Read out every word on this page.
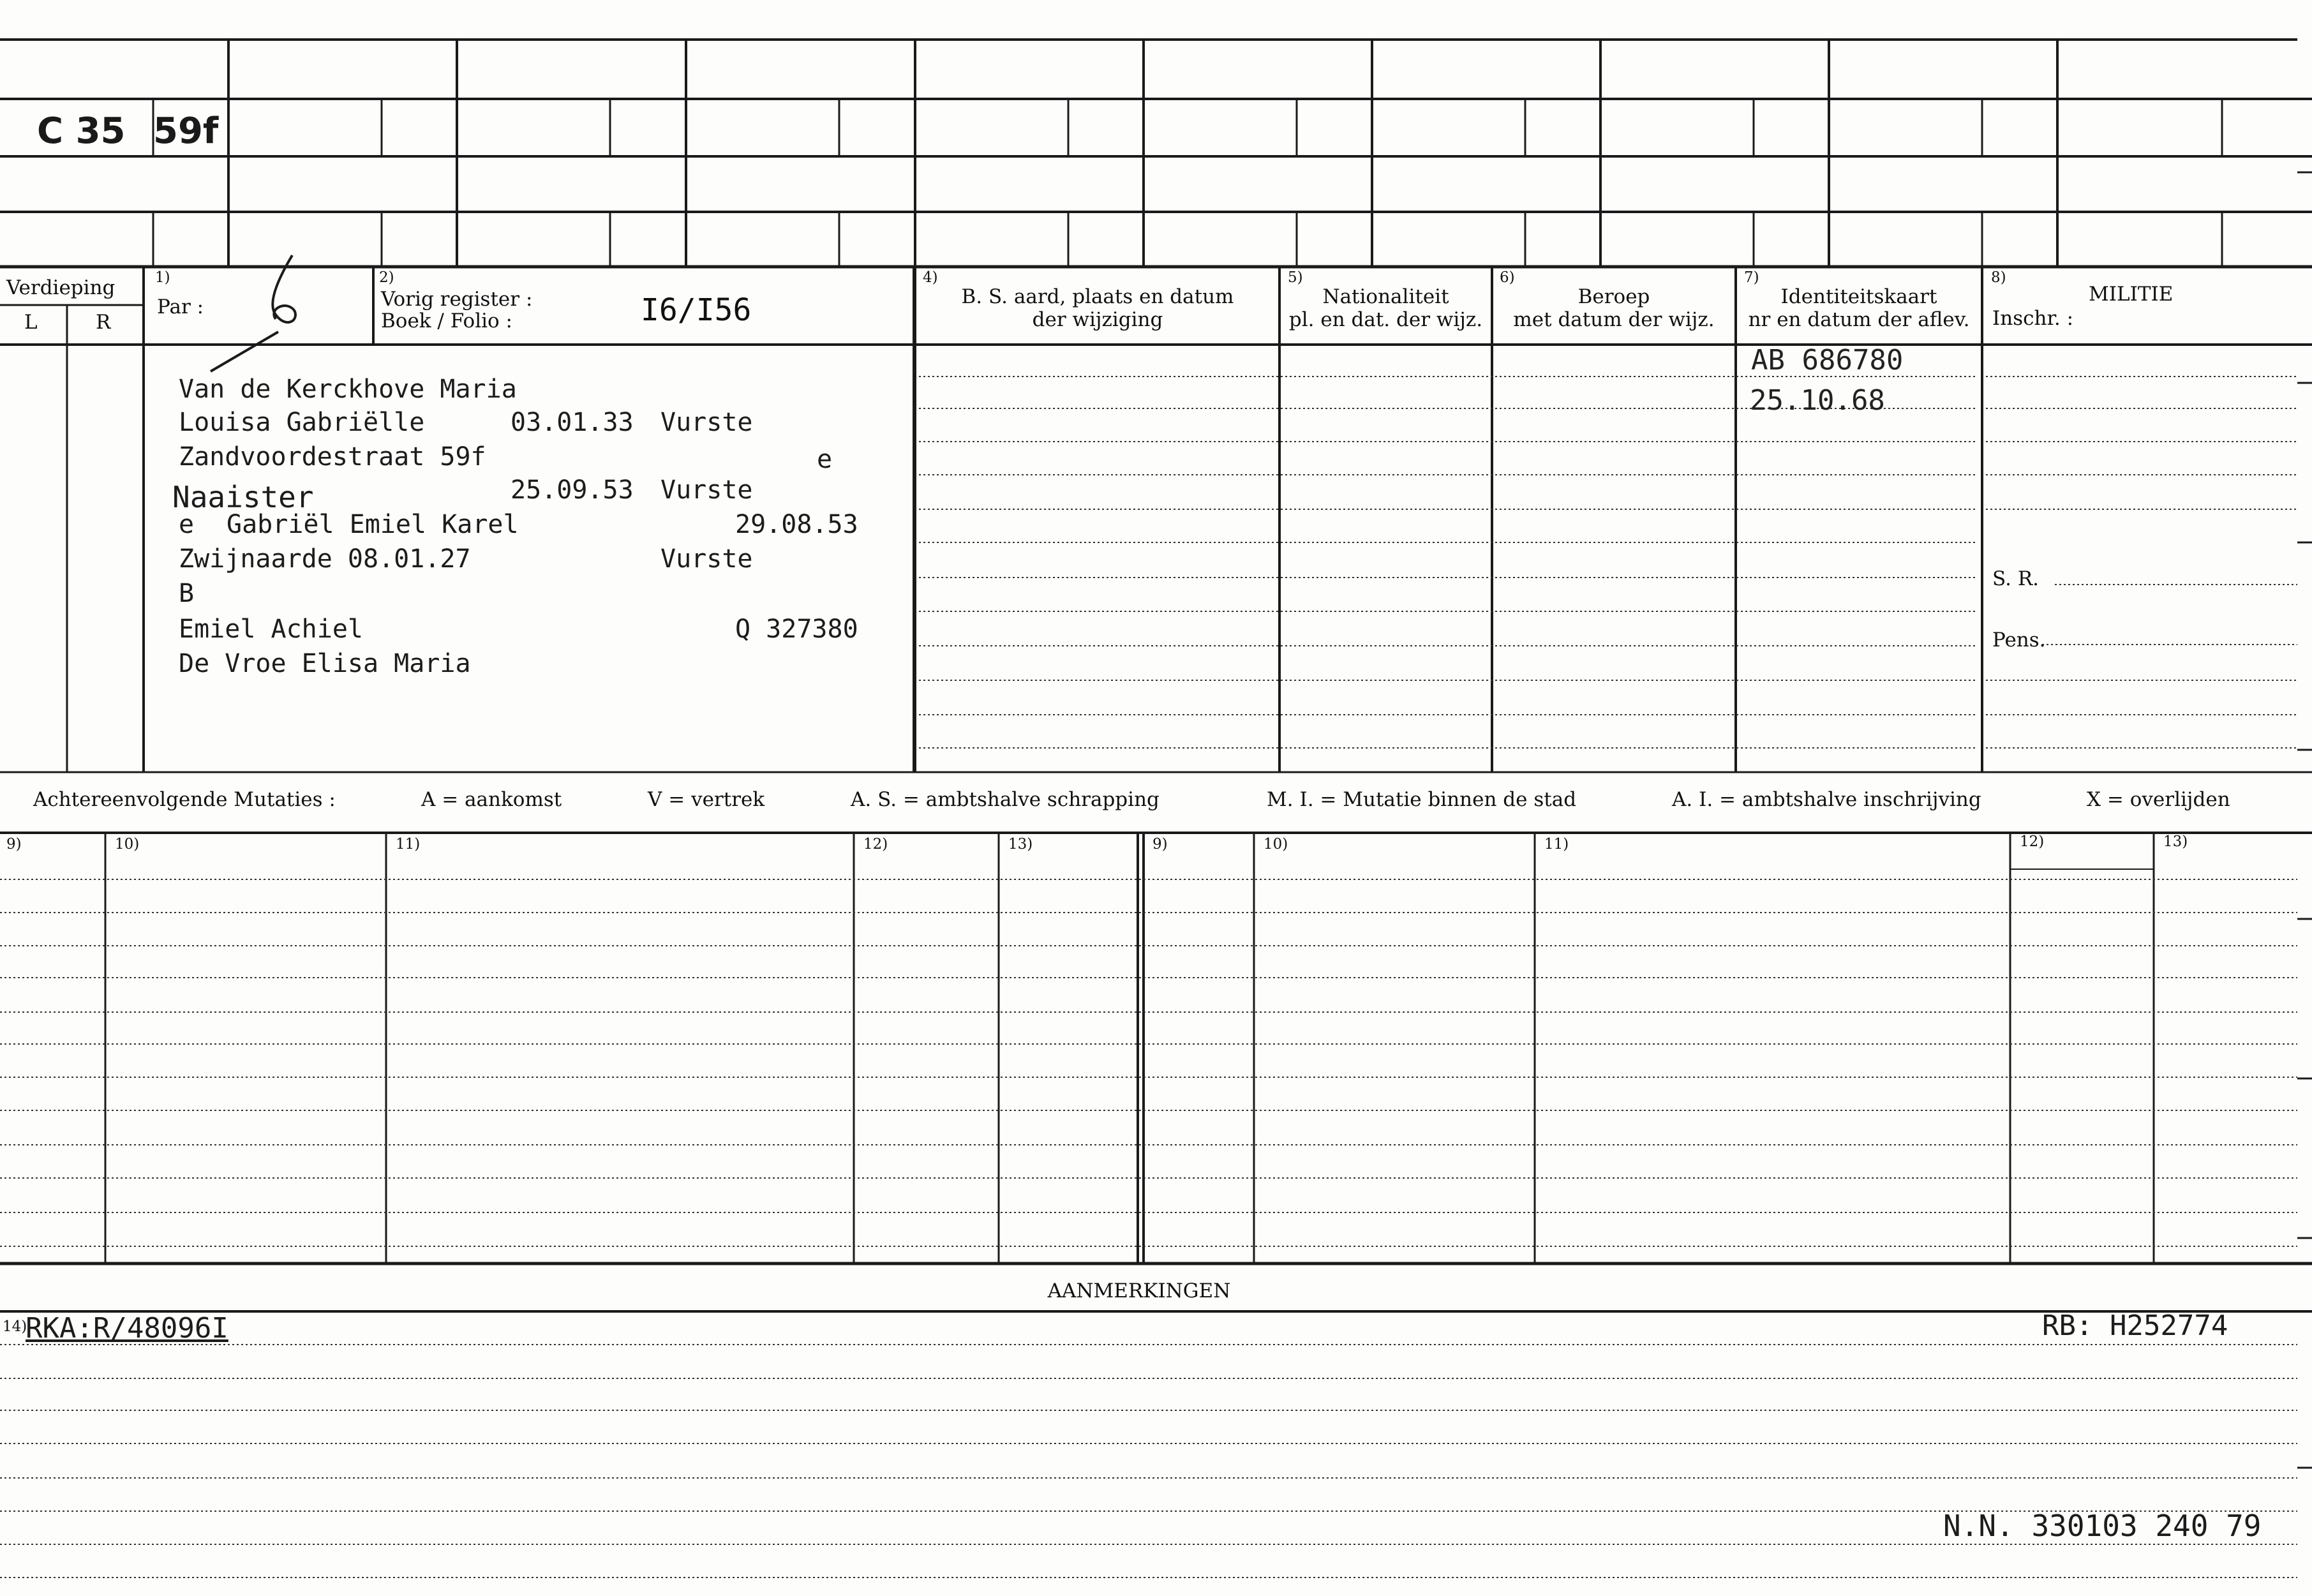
C 35 59f
Verdieping
L	R
1)
Par :
2)
Vorig register :
Boek / Folio :	I6/I56
4)
B. S. aard, plaats en datum
der wijziging
5)
Nationaliteit
pl. en dat. der wijz.
6)
Beroep
met datum der wijz.
7)
Identiteitskaart
nr en datum der aflev.
8)
MILITIE
Inschr. :
S. R.
Pens.
AB 686780
25.10.68
Van de Kerckhove Maria
Louisa Gabriëlle	03.01.33 Vurste
Zandvoordestraat 59f	e
Naaister	25.09.53 Vurste
e Gabriël Emiel Karel	29.08.53
Zwijnaarde 08.01.27	Vurste
B
Emiel Achiel	Q 327380
De Vroe Elisa Maria
Achtereenvolgende Mutaties :	A = aankomst	V = vertrek	A. S. = ambtshalve schrapping	M. I. = Mutatie binnen de stad	A. I. = ambtshalve inschrijving	X = overlijden
9)	10)	11)	12)	13)	9)	10)	11)	12)	13)
AANMERKINGEN
14)
RKA:R/48096I	RB: H252774
N.N. 330103 240 79
